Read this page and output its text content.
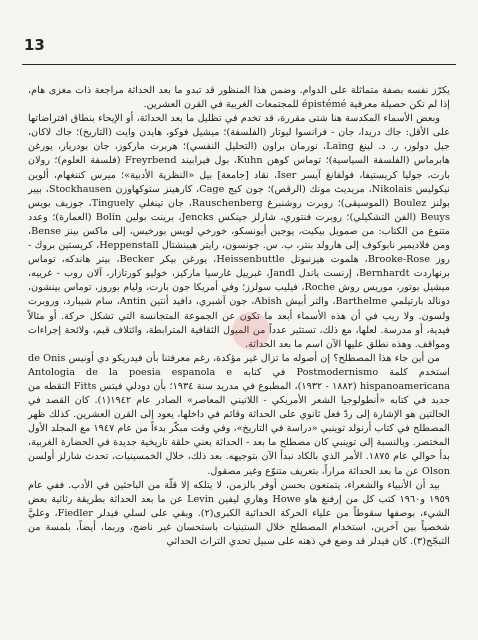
13

يكرّز نفسه بصفة متماثلة على الدوام. وضمن هذا المنظور قد تبدو ما بعد الحداثة مراجعة ذات مغزى هام، إذا لم تكن حصيلة معرفية épistémé للمجتمعات الغربية في القرن العشرين.

وبعض الأسماء المكدسة هنا شتى مقررة، قد تخدم في تظليل ما بعد الحداثة، أو الإيحاء بنطاق افتراضاتها على الأقل: جاك دريدا، جان - فرانسوا ليوتار (الفلسفة)؛ ميشيل فوكو، هايدن وايت (التاريخ)؛ جاك لاكان، جيل دولوز، ر. د. لينغ Laing، نورمان براون (التحليل النفسي)؛ هربرت ماركوز، جان بودريار، يورغن هابرماس (الفلسفة السياسية)؛ توماس كوهن Kuhn، بول فيرابيند Freyrbend (فلسفة العلوم)؛ رولان بارت، جوليا كريستيفا، فولفانغ آيسر Iser، نقاد [جامعة] بيل «النظرية الأدبية»؛ ميرس كننغهام، ألوين نيكوليس Nikolais، مريديث مونك (الرقص)؛ جون كيج Cage، كارهينز ستوكهاوزن Stockhausen، بيير بولنز Boulez (الموسيقى)؛ روبرت روشنبرغ Rauschenberg، جان تينغلي Tinguely، جوزيف بويس Beuys (الفن التشكيلي)؛ روبرت فنتوري، شارلز جينكس Jencks، برينت بولين Bolin (العمارة)؛ وعدد متنوع من الكتاب: من صمويل بيكيت، يوجين أيونسكو، خورخي لويس بورخيس، إلى ماكس بينز Bense، ومن فلاديمير نابوكوف إلى هارولد بنتر، ب. س. جونسون، رايتر هيبنشتال Heppenstall، كريستين بروك - روز Brooke-Rose، هلموت هيزنبوتل Heissenbuttle، يورغن بيكر Becker، بيتر هاندكه، توماس برنهاردت Bernhardt، إرنست ياندل Jandl، غبرييل غارسيا ماركيز، خوليو كورتازار، آلان روب - غرييه، ميشيل بوتور، موريس روش Roche، فيليب سولرز؛ وفي أمريكا جون بارت، وليام بوروز، توماس بينشون، دونالد بارتيلمي Barthelme، والتر أبيش Abish، جون آشبري، دافيد أنتين Antin، سام شيبارد، وروبرت ولسون. ولا ريب في أن هذه الأسماء أبعد ما تكون عن الجموعة المتجانسة التي تشكل حركة. أو مثالاً فيدية، أو مدرسة. لعلها، مع ذلك، تستثير عدداً من الميول الثقافية المترابطة، وائتلاف قيم، ولائحة إجراءات ومواقف. وهذه نطلق عليها الآن اسم ما بعد الحداثة.

من أين جاء هذا المصطلح؟ إن أصوله ما تزال غير مؤكدة، رغم معرفتنا بأن فيدريكو دي أونيس de Onis استخدم كلمة Postmodernismo في كتابه Antologia de la poesia espanola e hispanoamericana (١٨٨٢ - ١٩٣٢)، المطبوع في مدريد سنة ١٩٣٤؛ بأن دودلي فيتس Fitts التقطه من جديد في كتابه «أنطولوجيا الشعر الأمريكي - اللاتيني المعاصر» الصادر عام ١٩٤٢(١). كان القصد في الحالتين هو الإشارة إلى ردّ فعل ثانوي على الحداثة وقائم في داخلها، يعود إلى القرن العشرين. كذلك ظهر المصطلح في كتاب أرنولد توينبي «دراسة في التاريخ»، وفي وقت مبكّر بدءاً من عام ١٩٤٧ مع المجلد الأول المختصر. وبالنسبة إلى توينبي كان مصطلح ما بعد - الحداثة يعني حلقة تاريخية جديدة في الحضارة الغربية، بدأ حوالي عام ١٨٧٥. الأمر الذي بالكاد نبدأ الآن بتوجيهه. بعد ذلك، خلال الخمسينيات، تحدث شارلز أولسن Olson عن ما بعد الحداثة مراراً، بتعريف متنوّع وغير مصقول.

بيد أن الأنبياء والشعراء، يتمتعون بحسن أوفر بالزمن، لا يتلكه إلا قلّة من الباحثين في الأدب. ففي عام ١٩٥٩ و١٩٦٠ كتب كل من إرفنغ هاو Howe وهاري ليفين Levin عن ما بعد الحداثة بطريقة رثائية بعض الشيء، بوصفها سقوطاً من علياء الحركة الحداثية الكبرى(٢). وبقي على لسلي فيدلر Fiedler، وعليَّ شخصياً بين آخرين، استخدام المصطلح خلال الستينيات باستحسان غير ناضج، وربما، أيضاً، بلمسة من التبجّح(٣). كان فيدلر قد وضع في ذهنه على سبيل تحدي التراث الحداثي
